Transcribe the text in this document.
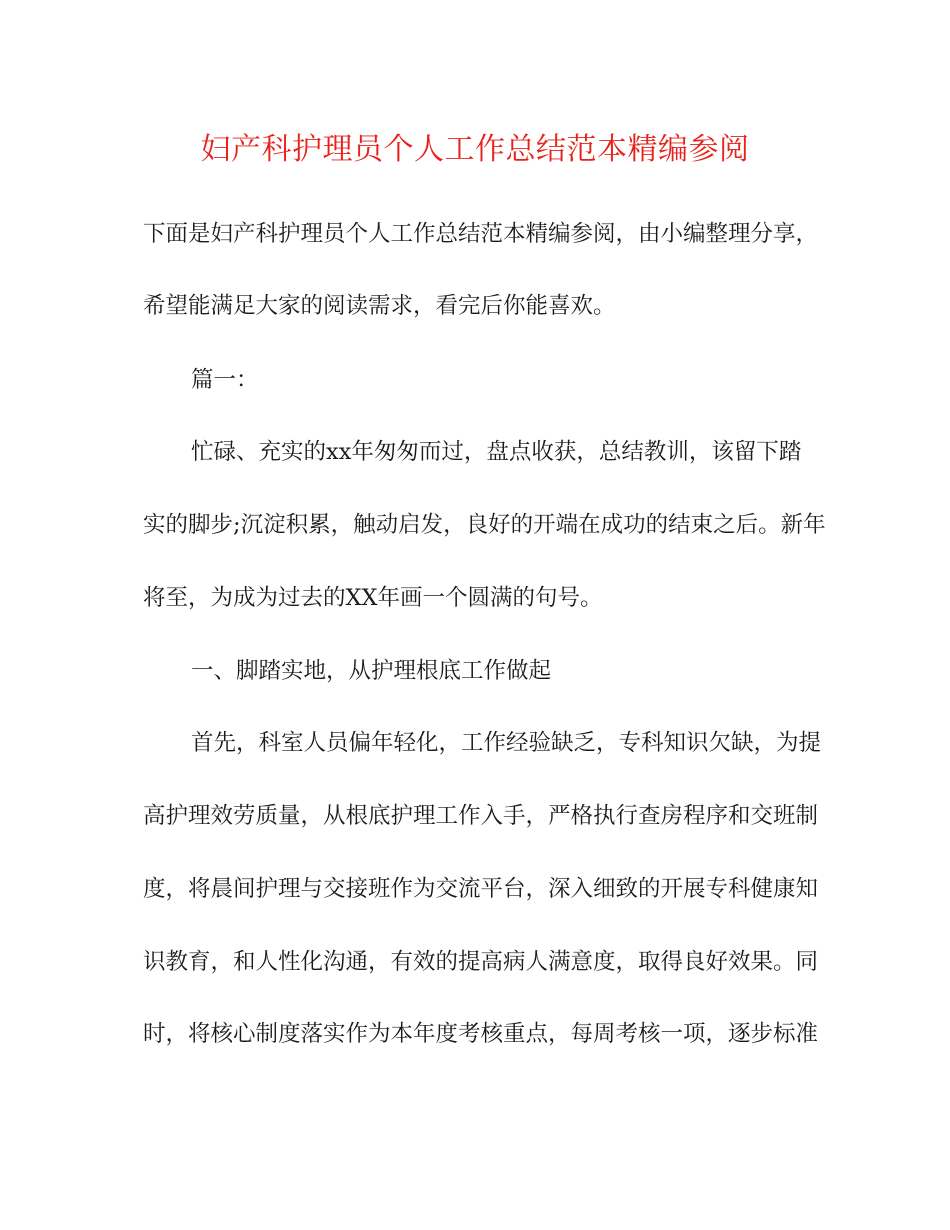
妇产科护理员个人工作总结范本精编参阅
下面是妇产科护理员个人工作总结范本精编参阅，由小编整理分享，
希望能满足大家的阅读需求，看完后你能喜欢。
篇一：
忙碌、充实的xx年匆匆而过，盘点收获，总结教训，该留下踏
实的脚步;沉淀积累，触动启发，良好的开端在成功的结束之后。新年
将至，为成为过去的XX年画一个圆满的句号。
一、脚踏实地，从护理根底工作做起
首先，科室人员偏年轻化，工作经验缺乏，专科知识欠缺，为提
高护理效劳质量，从根底护理工作入手，严格执行查房程序和交班制
度，将晨间护理与交接班作为交流平台，深入细致的开展专科健康知
识教育，和人性化沟通，有效的提高病人满意度，取得良好效果。同
时，将核心制度落实作为本年度考核重点，每周考核一项，逐步标准
